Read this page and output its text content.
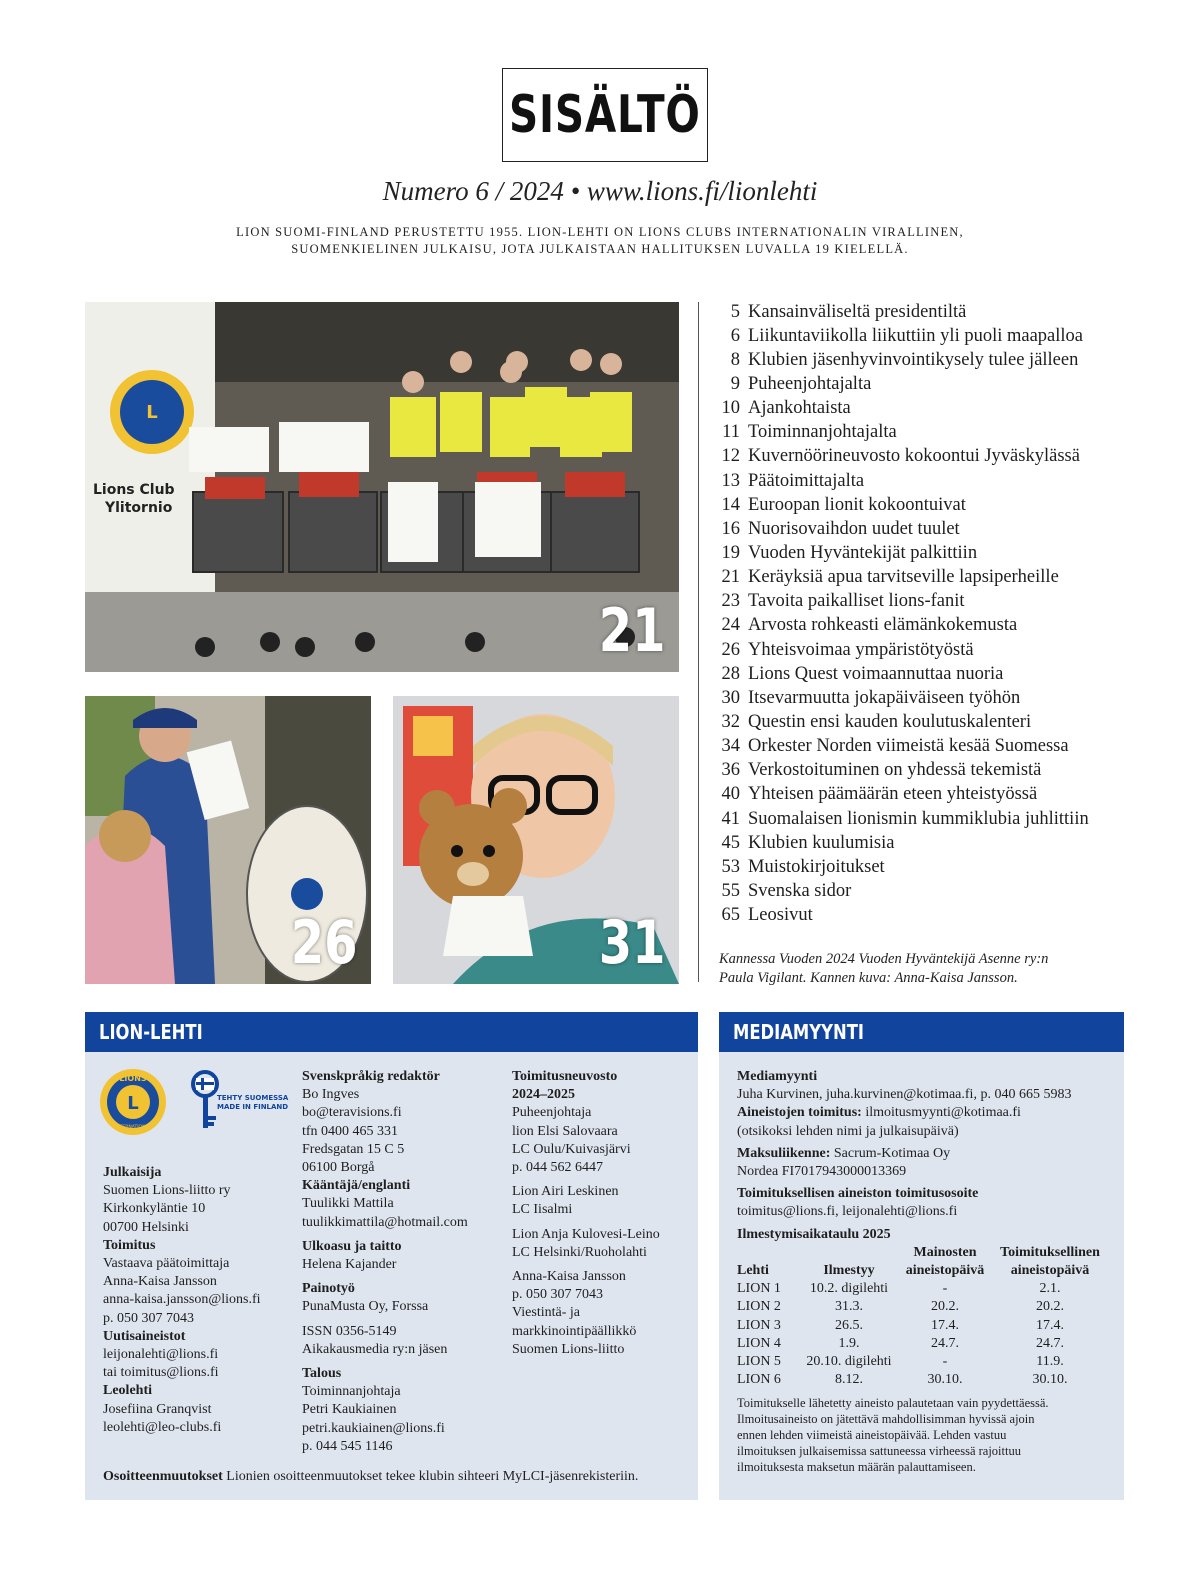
SISÄLTÖ
Numero 6 / 2024 • www.lions.fi/lionlehti
LION SUOMI-FINLAND PERUSTETTU 1955. LION-LEHTI ON LIONS CLUBS INTERNATIONALIN VIRALLINEN,
SUOMENKIELINEN JULKAISU, JOTA JULKAISTAAN HALLITUKSEN LUVALLA 19 KIELELLÄ.
L
Lions Club
Ylitornio
21
26	31
5 Kansainväliseltä presidentiltä
6 Liikuntaviikolla liikuttiin yli puoli maapalloa
8 Klubien jäsenhyvinvointikysely tulee jälleen
9 Puheenjohtajalta
10 Ajankohtaista
11 Toiminnanjohtajalta
12 Kuvernöörineuvosto kokoontui Jyväskylässä
13 Päätoimittajalta
14 Euroopan lionit kokoontuivat
16 Nuorisovaihdon uudet tuulet
19 Vuoden Hyväntekijät palkittiin
21 Keräyksiä apua tarvitseville lapsiperheille
23 Tavoita paikalliset lions-fanit
24 Arvosta rohkeasti elämänkokemusta
26 Yhteisvoimaa ympäristötyöstä
28 Lions Quest voimaannuttaa nuoria
30 Itsevarmuutta jokapäiväiseen työhön
32 Questin ensi kauden koulutuskalenteri
34 Orkester Norden viimeistä kesää Suomessa
36 Verkostoituminen on yhdessä tekemistä
40 Yhteisen päämäärän eteen yhteistyössä
41 Suomalaisen lionismin kummiklubia juhlittiin
45 Klubien kuulumisia
53 Muistokirjoitukset
55 Svenska sidor
65 Leosivut
Kannessa Vuoden 2024 Vuoden Hyväntekijä Asenne ry:n
Paula Vigilant. Kannen kuva: Anna-Kaisa Jansson.
LION-LEHTI
L
LIONS
INTERNATIONAL
TEHTY SUOMESSA
MADE IN FINLAND
Julkaisija
Suomen Lions-liitto ry
Kirkonkyläntie 10
00700 Helsinki
Toimitus
Vastaava päätoimittaja
Anna-Kaisa Jansson
anna-kaisa.jansson@lions.fi
p. 050 307 7043
Uutisaineistot
leijonalehti@lions.fi
tai toimitus@lions.fi
Leolehti
Josefiina Granqvist
leolehti@leo-clubs.fi
Svenskpråkig redaktör
Bo Ingves
bo@teravisions.fi
tfn 0400 465 331
Fredsgatan 15 C 5
06100 Borgå
Kääntäjä/englanti
Tuulikki Mattila
tuulikkimattila@hotmail.com
Ulkoasu ja taitto
Helena Kajander
Painotyö
PunaMusta Oy, Forssa
ISSN 0356-5149
Aikakausmedia ry:n jäsen
Talous
Toiminnanjohtaja
Petri Kaukiainen
petri.kaukiainen@lions.fi
p. 044 545 1146
Toimitusneuvosto
2024–2025
Puheenjohtaja
lion Elsi Salovaara
LC Oulu/Kuivasjärvi
p. 044 562 6447
Lion Airi Leskinen
LC Iisalmi
Lion Anja Kulovesi-Leino
LC Helsinki/Ruoholahti
Anna-Kaisa Jansson
p. 050 307 7043
Viestintä- ja
markkinointipäällikkö
Suomen Lions-liitto
Osoitteenmuutokset Lionien osoitteenmuutokset tekee klubin sihteeri MyLCI-jäsenrekisteriin.
MEDIAMYYNTI
Mediamyynti
Juha Kurvinen, juha.kurvinen@kotimaa.fi, p. 040 665 5983
Aineistojen toimitus: ilmoitusmyynti@kotimaa.fi
(otsikoksi lehden nimi ja julkaisupäivä)
Maksuliikenne: Sacrum-Kotimaa Oy
Nordea FI7017943000013369
Toimituksellisen aineiston toimitusosoite
toimitus@lions.fi, leijonalehti@lions.fi
Ilmestymisaikataulu 2025
Lehti	Ilmestyy	Mainosten aineistopäivä	Toimituksellinen aineistopäivä
LION 1	10.2. digilehti	-	2.1.
LION 2	31.3.	20.2.	20.2.
LION 3	26.5.	17.4.	17.4.
LION 4	1.9.	24.7.	24.7.
LION 5	20.10. digilehti	-	11.9.
LION 6	8.12.	30.10.	30.10.
Toimitukselle lähetetty aineisto palautetaan vain pyydettäessä.
Ilmoitusaineisto on jätettävä mahdollisimman hyvissä ajoin
ennen lehden viimeistä aineistopäivää. Lehden vastuu
ilmoituksen julkaisemissa sattuneessa virheessä rajoittuu
ilmoituksesta maksetun määrän palauttamiseen.
